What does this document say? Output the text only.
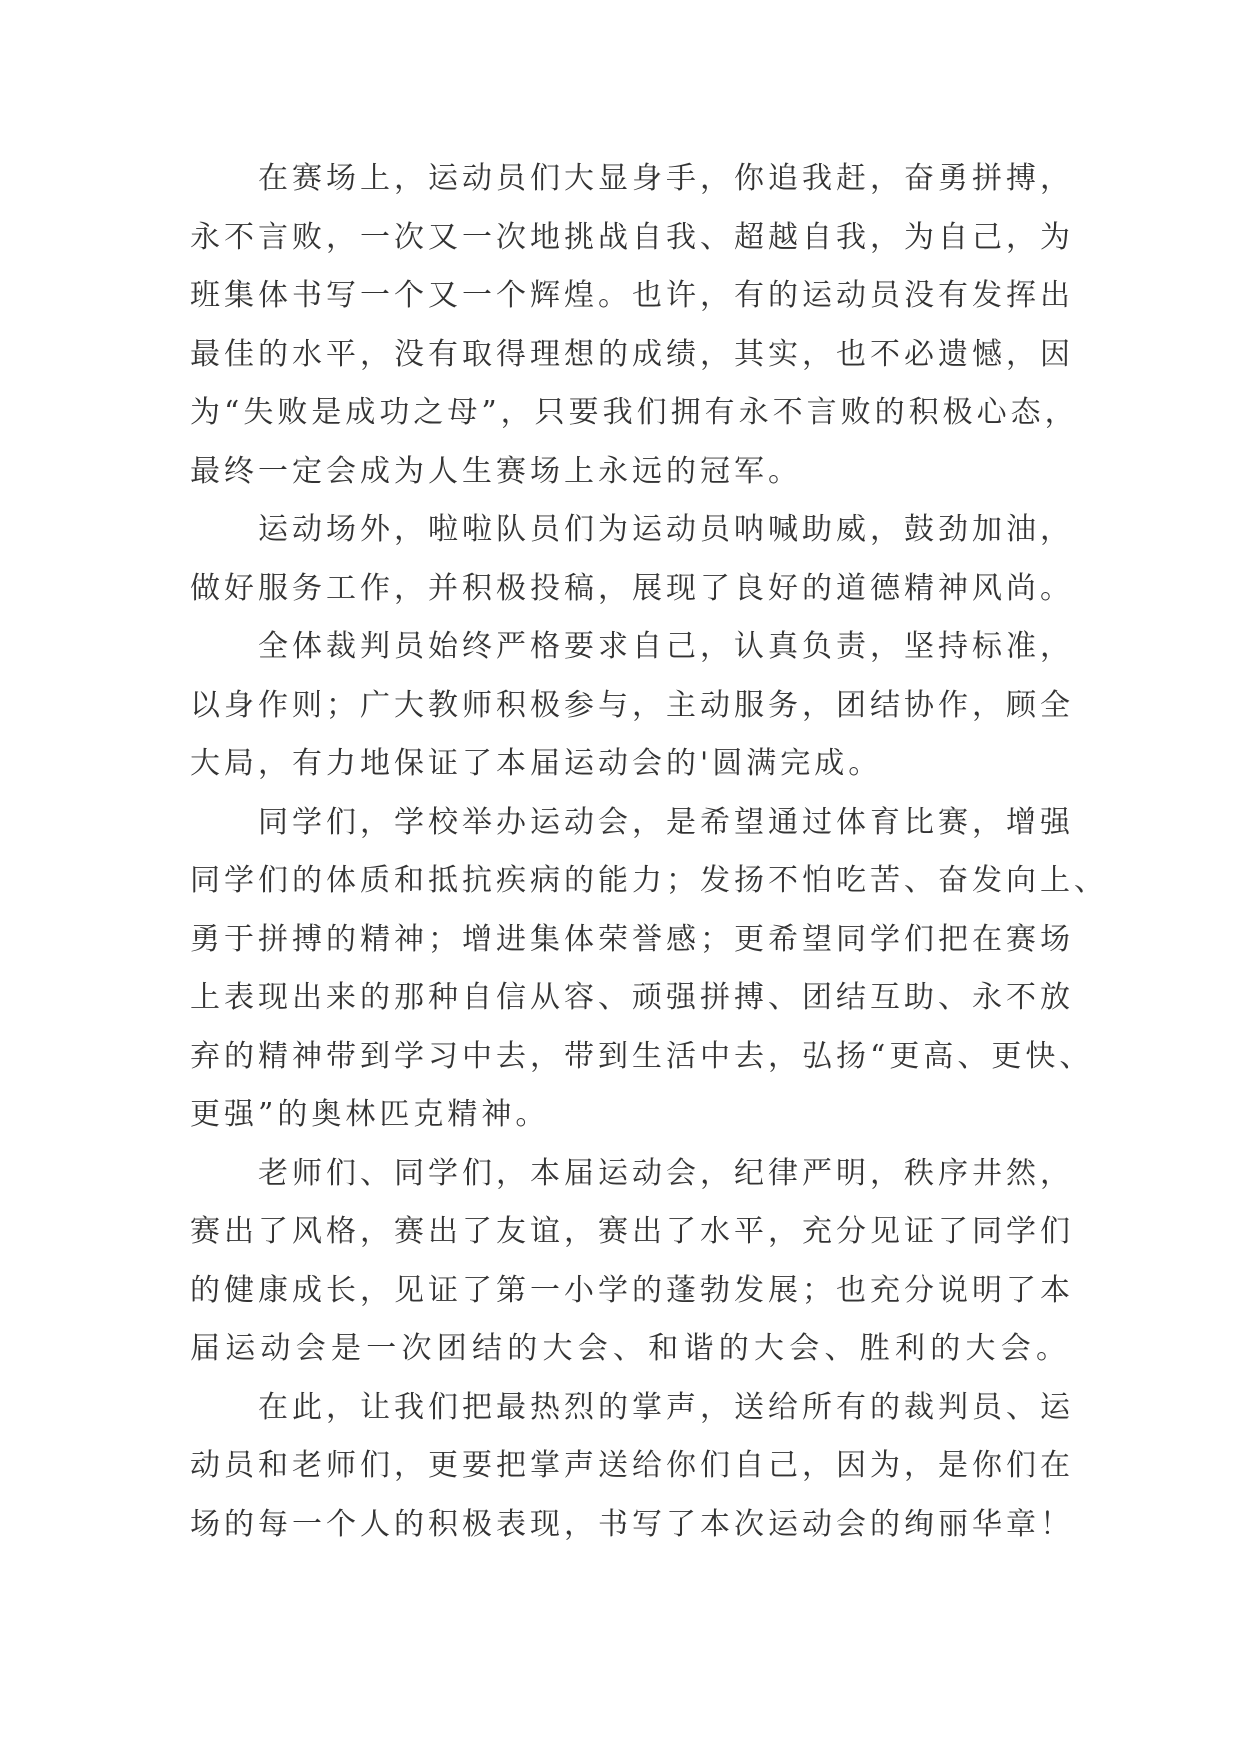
在赛场上，运动员们大显身手，你追我赶，奋勇拼搏，
永不言败，一次又一次地挑战自我、超越自我，为自己，为
班集体书写一个又一个辉煌。也许，有的运动员没有发挥出
最佳的水平，没有取得理想的成绩，其实，也不必遗憾，因
为“失败是成功之母”，只要我们拥有永不言败的积极心态，
最终一定会成为人生赛场上永远的冠军。

运动场外，啦啦队员们为运动员呐喊助威，鼓劲加油，
做好服务工作，并积极投稿，展现了良好的道德精神风尚。

全体裁判员始终严格要求自己，认真负责，坚持标准，
以身作则；广大教师积极参与，主动服务，团结协作，顾全
大局，有力地保证了本届运动会的'圆满完成。

同学们，学校举办运动会，是希望通过体育比赛，增强
同学们的体质和抵抗疾病的能力；发扬不怕吃苦、奋发向上、
勇于拼搏的精神；增进集体荣誉感；更希望同学们把在赛场
上表现出来的那种自信从容、顽强拼搏、团结互助、永不放
弃的精神带到学习中去，带到生活中去，弘扬“更高、更快、
更强”的奥林匹克精神。

老师们、同学们，本届运动会，纪律严明，秩序井然，
赛出了风格，赛出了友谊，赛出了水平，充分见证了同学们
的健康成长，见证了第一小学的蓬勃发展；也充分说明了本
届运动会是一次团结的大会、和谐的大会、胜利的大会。

在此，让我们把最热烈的掌声，送给所有的裁判员、运
动员和老师们，更要把掌声送给你们自己，因为，是你们在
场的每一个人的积极表现，书写了本次运动会的绚丽华章！
